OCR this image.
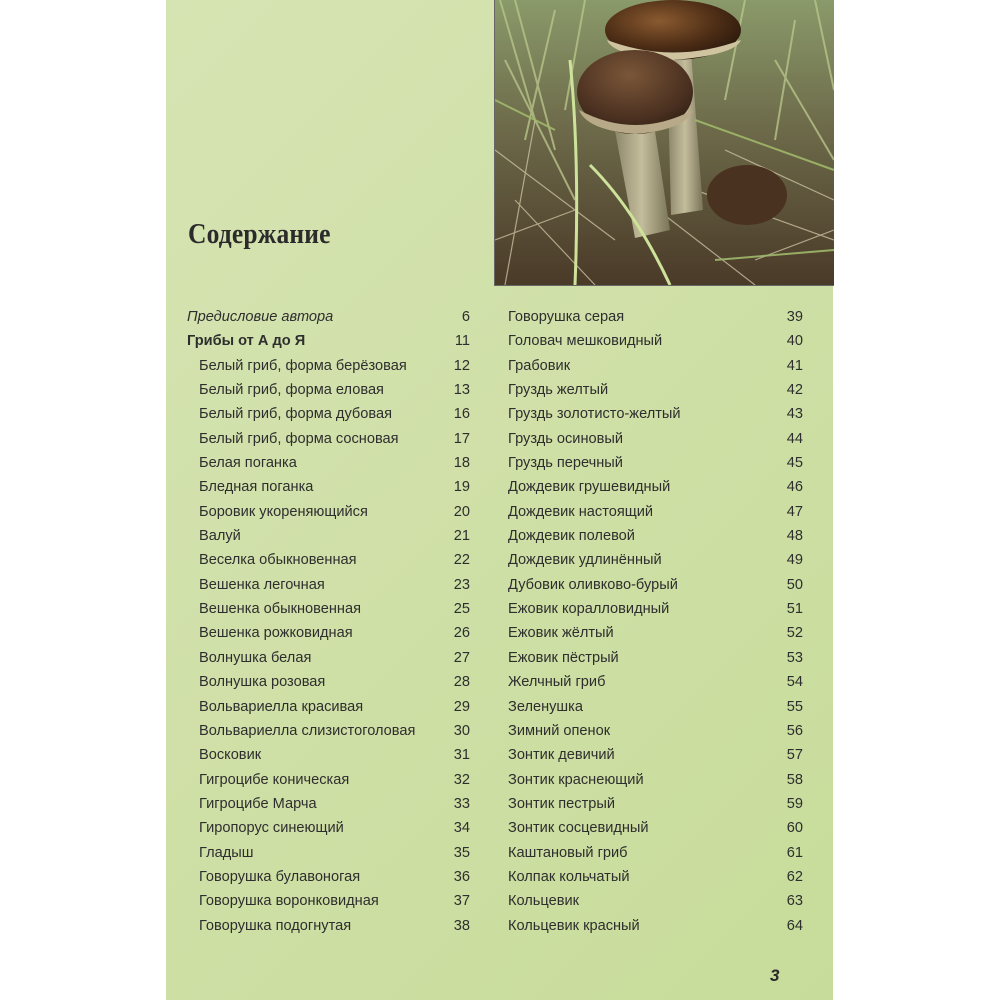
Содержание
Предисловие автора	6
Грибы от А до Я	11
Белый гриб, форма берёзовая	12
Белый гриб, форма еловая	13
Белый гриб, форма дубовая	16
Белый гриб, форма сосновая	17
Белая поганка	18
Бледная поганка	19
Боровик укореняющийся	20
Валуй	21
Веселка обыкновенная	22
Вешенка легочная	23
Вешенка обыкновенная	25
Вешенка рожковидная	26
Волнушка белая	27
Волнушка розовая	28
Вольвариелла красивая	29
Вольвариелла слизистоголовая	30
Восковик	31
Гигроцибе коническая	32
Гигроцибе Марча	33
Гиропорус синеющий	34
Гладыш	35
Говорушка булавоногая	36
Говорушка воронковидная	37
Говорушка подогнутая	38
Говорушка серая	39
Головач мешковидный	40
Грабовик	41
Груздь желтый	42
Груздь золотисто-желтый	43
Груздь осиновый	44
Груздь перечный	45
Дождевик грушевидный	46
Дождевик настоящий	47
Дождевик полевой	48
Дождевик удлинённый	49
Дубовик оливково-бурый	50
Ежовик коралловидный	51
Ежовик жёлтый	52
Ежовик пёстрый	53
Желчный гриб	54
Зеленушка	55
Зимний опенок	56
Зонтик девичий	57
Зонтик краснеющий	58
Зонтик пестрый	59
Зонтик сосцевидный	60
Каштановый гриб	61
Колпак кольчатый	62
Кольцевик	63
Кольцевик красный	64
3
